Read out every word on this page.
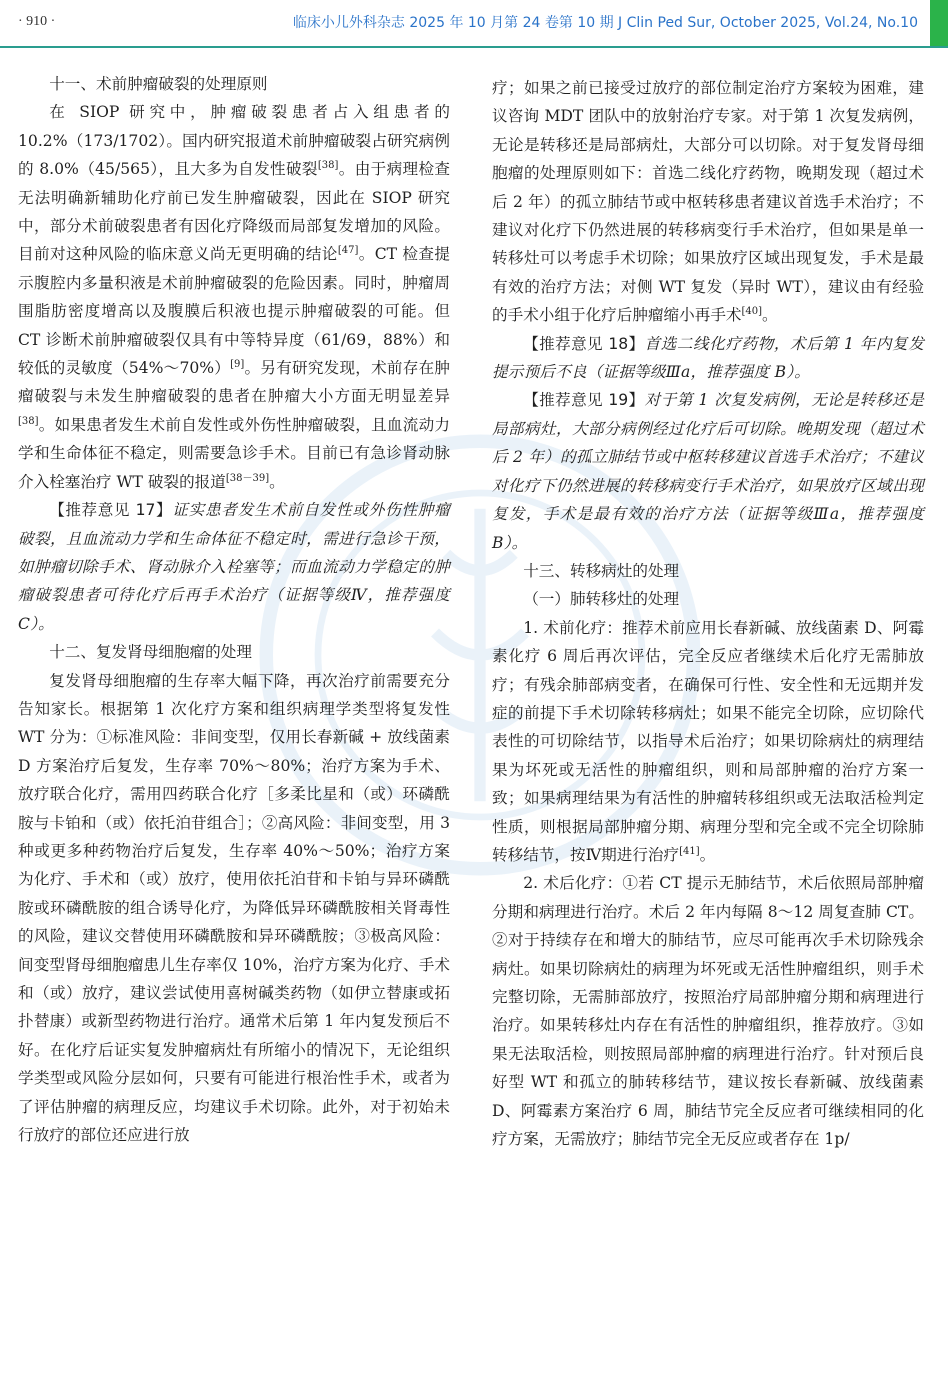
· 910 ·	临床小儿外科杂志 2025 年 10 月第 24 卷第 10 期 J Clin Ped Sur, October 2025, Vol.24, No.10

十一、术前肿瘤破裂的处理原则

在 SIOP 研究中，肿瘤破裂患者占入组患者的 10.2%（173/1702）。国内研究报道术前肿瘤破裂占研究病例的 8.0%（45/565），且大多为自发性破裂[38]。由于病理检查无法明确新辅助化疗前已发生肿瘤破裂，因此在 SIOP 研究中，部分术前破裂患者有因化疗降级而局部复发增加的风险。目前对这种风险的临床意义尚无更明确的结论[47]。CT 检查提示腹腔内多量积液是术前肿瘤破裂的危险因素。同时，肿瘤周围脂肪密度增高以及腹膜后积液也提示肿瘤破裂的可能。但 CT 诊断术前肿瘤破裂仅具有中等特异度（61/69，88%）和较低的灵敏度（54%～70%）[9]。另有研究发现，术前存在肿瘤破裂与未发生肿瘤破裂的患者在肿瘤大小方面无明显差异[38]。如果患者发生术前自发性或外伤性肿瘤破裂，且血流动力学和生命体征不稳定，则需要急诊手术。目前已有急诊肾动脉介入栓塞治疗 WT 破裂的报道[38－39]。

【推荐意见 17】证实患者发生术前自发性或外伤性肿瘤破裂，且血流动力学和生命体征不稳定时，需进行急诊干预，如肿瘤切除手术、肾动脉介入栓塞等；而血流动力学稳定的肿瘤破裂患者可待化疗后再手术治疗（证据等级Ⅳ，推荐强度 C）。

十二、复发肾母细胞瘤的处理

复发肾母细胞瘤的生存率大幅下降，再次治疗前需要充分告知家长。根据第 1 次化疗方案和组织病理学类型将复发性 WT 分为：①标准风险：非间变型，仅用长春新碱 + 放线菌素 D 方案治疗后复发，生存率 70%～80%；治疗方案为手术、放疗联合化疗，需用四药联合化疗［多柔比星和（或）环磷酰胺与卡铂和（或）依托泊苷组合］；②高风险：非间变型，用 3 种或更多种药物治疗后复发，生存率 40%～50%；治疗方案为化疗、手术和（或）放疗，使用依托泊苷和卡铂与异环磷酰胺或环磷酰胺的组合诱导化疗，为降低异环磷酰胺相关肾毒性的风险，建议交替使用环磷酰胺和异环磷酰胺；③极高风险：间变型肾母细胞瘤患儿生存率仅 10%，治疗方案为化疗、手术和（或）放疗，建议尝试使用喜树碱类药物（如伊立替康或拓扑替康）或新型药物进行治疗。通常术后第 1 年内复发预后不好。在化疗后证实复发肿瘤病灶有所缩小的情况下，无论组织学类型或风险分层如何，只要有可能进行根治性手术，或者为了评估肿瘤的病理反应，均建议手术切除。此外，对于初始未行放疗的部位还应进行放

疗；如果之前已接受过放疗的部位制定治疗方案较为困难，建议咨询 MDT 团队中的放射治疗专家。对于第 1 次复发病例，无论是转移还是局部病灶，大部分可以切除。对于复发肾母细胞瘤的处理原则如下：首选二线化疗药物，晚期发现（超过术后 2 年）的孤立肺结节或中枢转移患者建议首选手术治疗；不建议对化疗下仍然进展的转移病变行手术治疗，但如果是单一转移灶可以考虑手术切除；如果放疗区域出现复发，手术是最有效的治疗方法；对侧 WT 复发（异时 WT），建议由有经验的手术小组于化疗后肿瘤缩小再手术[40]。

【推荐意见 18】首选二线化疗药物，术后第 1 年内复发提示预后不良（证据等级Ⅲa，推荐强度 B）。

【推荐意见 19】对于第 1 次复发病例，无论是转移还是局部病灶，大部分病例经过化疗后可切除。晚期发现（超过术后 2 年）的孤立肺结节或中枢转移建议首选手术治疗；不建议对化疗下仍然进展的转移病变行手术治疗，如果放疗区域出现复发，手术是最有效的治疗方法（证据等级Ⅲa，推荐强度 B）。

十三、转移病灶的处理

（一）肺转移灶的处理

1. 术前化疗：推荐术前应用长春新碱、放线菌素 D、阿霉素化疗 6 周后再次评估，完全反应者继续术后化疗无需肺放疗；有残余肺部病变者，在确保可行性、安全性和无远期并发症的前提下手术切除转移病灶；如果不能完全切除，应切除代表性的可切除结节，以指导术后治疗；如果切除病灶的病理结果为坏死或无活性的肿瘤组织，则和局部肿瘤的治疗方案一致；如果病理结果为有活性的肿瘤转移组织或无法取活检判定性质，则根据局部肿瘤分期、病理分型和完全或不完全切除肺转移结节，按Ⅳ期进行治疗[41]。

2. 术后化疗：①若 CT 提示无肺结节，术后依照局部肿瘤分期和病理进行治疗。术后 2 年内每隔 8～12 周复查肺 CT。②对于持续存在和增大的肺结节，应尽可能再次手术切除残余病灶。如果切除病灶的病理为坏死或无活性肿瘤组织，则手术完整切除，无需肺部放疗，按照治疗局部肿瘤分期和病理进行治疗。如果转移灶内存在有活性的肿瘤组织，推荐放疗。③如果无法取活检，则按照局部肿瘤的病理进行治疗。针对预后良好型 WT 和孤立的肺转移结节，建议按长春新碱、放线菌素 D、阿霉素方案治疗 6 周，肺结节完全反应者可继续相同的化疗方案，无需放疗；肺结节完全无反应或者存在 1p/
